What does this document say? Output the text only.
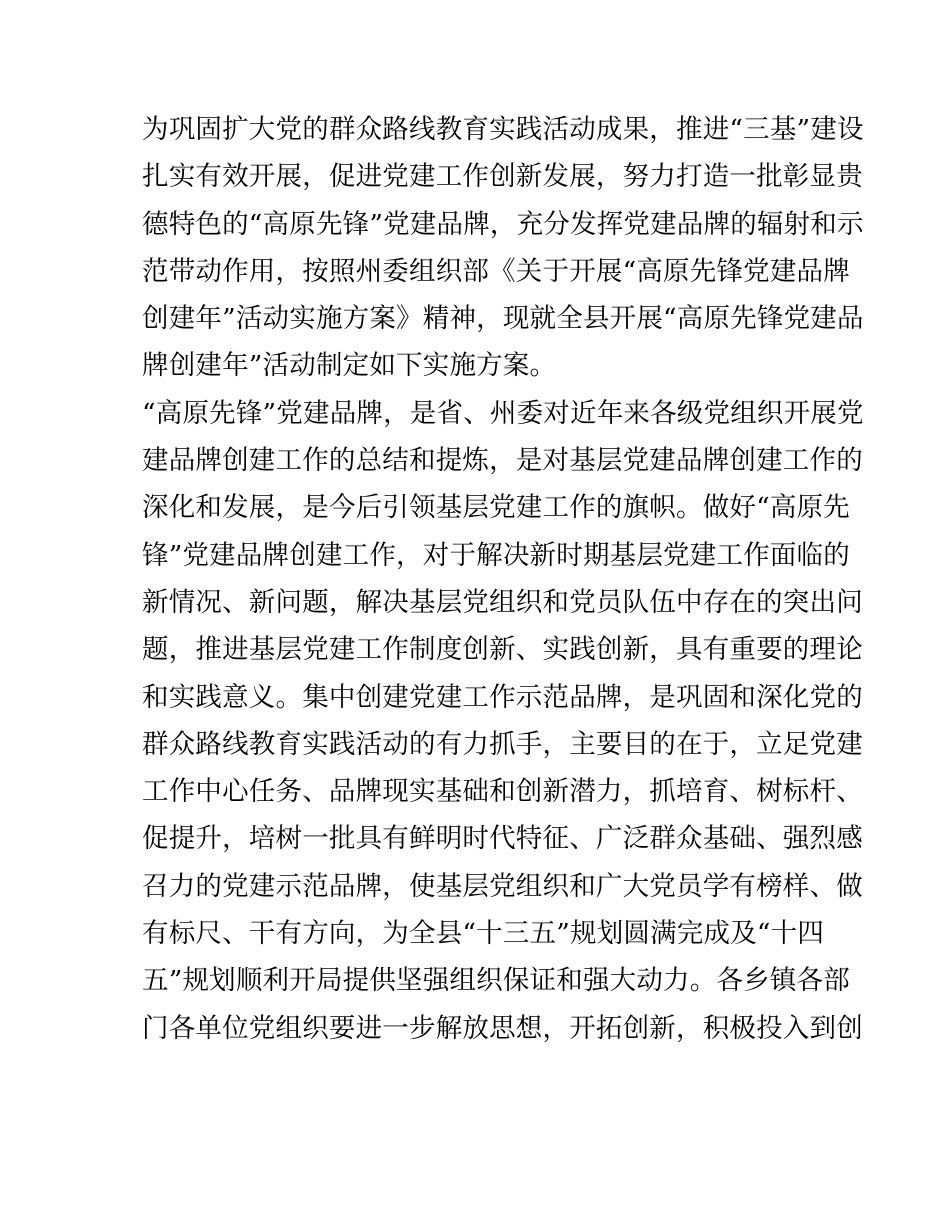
为巩固扩大党的群众路线教育实践活动成果，推进“三基”建设
扎实有效开展，促进党建工作创新发展，努力打造一批彰显贵
德特色的“高原先锋”党建品牌，充分发挥党建品牌的辐射和示
范带动作用，按照州委组织部《关于开展“高原先锋党建品牌
创建年”活动实施方案》精神，现就全县开展“高原先锋党建品
牌创建年”活动制定如下实施方案。
“高原先锋”党建品牌，是省、州委对近年来各级党组织开展党
建品牌创建工作的总结和提炼，是对基层党建品牌创建工作的
深化和发展，是今后引领基层党建工作的旗帜。做好“高原先
锋”党建品牌创建工作，对于解决新时期基层党建工作面临的
新情况、新问题，解决基层党组织和党员队伍中存在的突出问
题，推进基层党建工作制度创新、实践创新，具有重要的理论
和实践意义。集中创建党建工作示范品牌，是巩固和深化党的
群众路线教育实践活动的有力抓手，主要目的在于，立足党建
工作中心任务、品牌现实基础和创新潜力，抓培育、树标杆、
促提升，培树一批具有鲜明时代特征、广泛群众基础、强烈感
召力的党建示范品牌，使基层党组织和广大党员学有榜样、做
有标尺、干有方向，为全县“十三五”规划圆满完成及“十四
五”规划顺利开局提供坚强组织保证和强大动力。各乡镇各部
门各单位党组织要进一步解放思想，开拓创新，积极投入到创
